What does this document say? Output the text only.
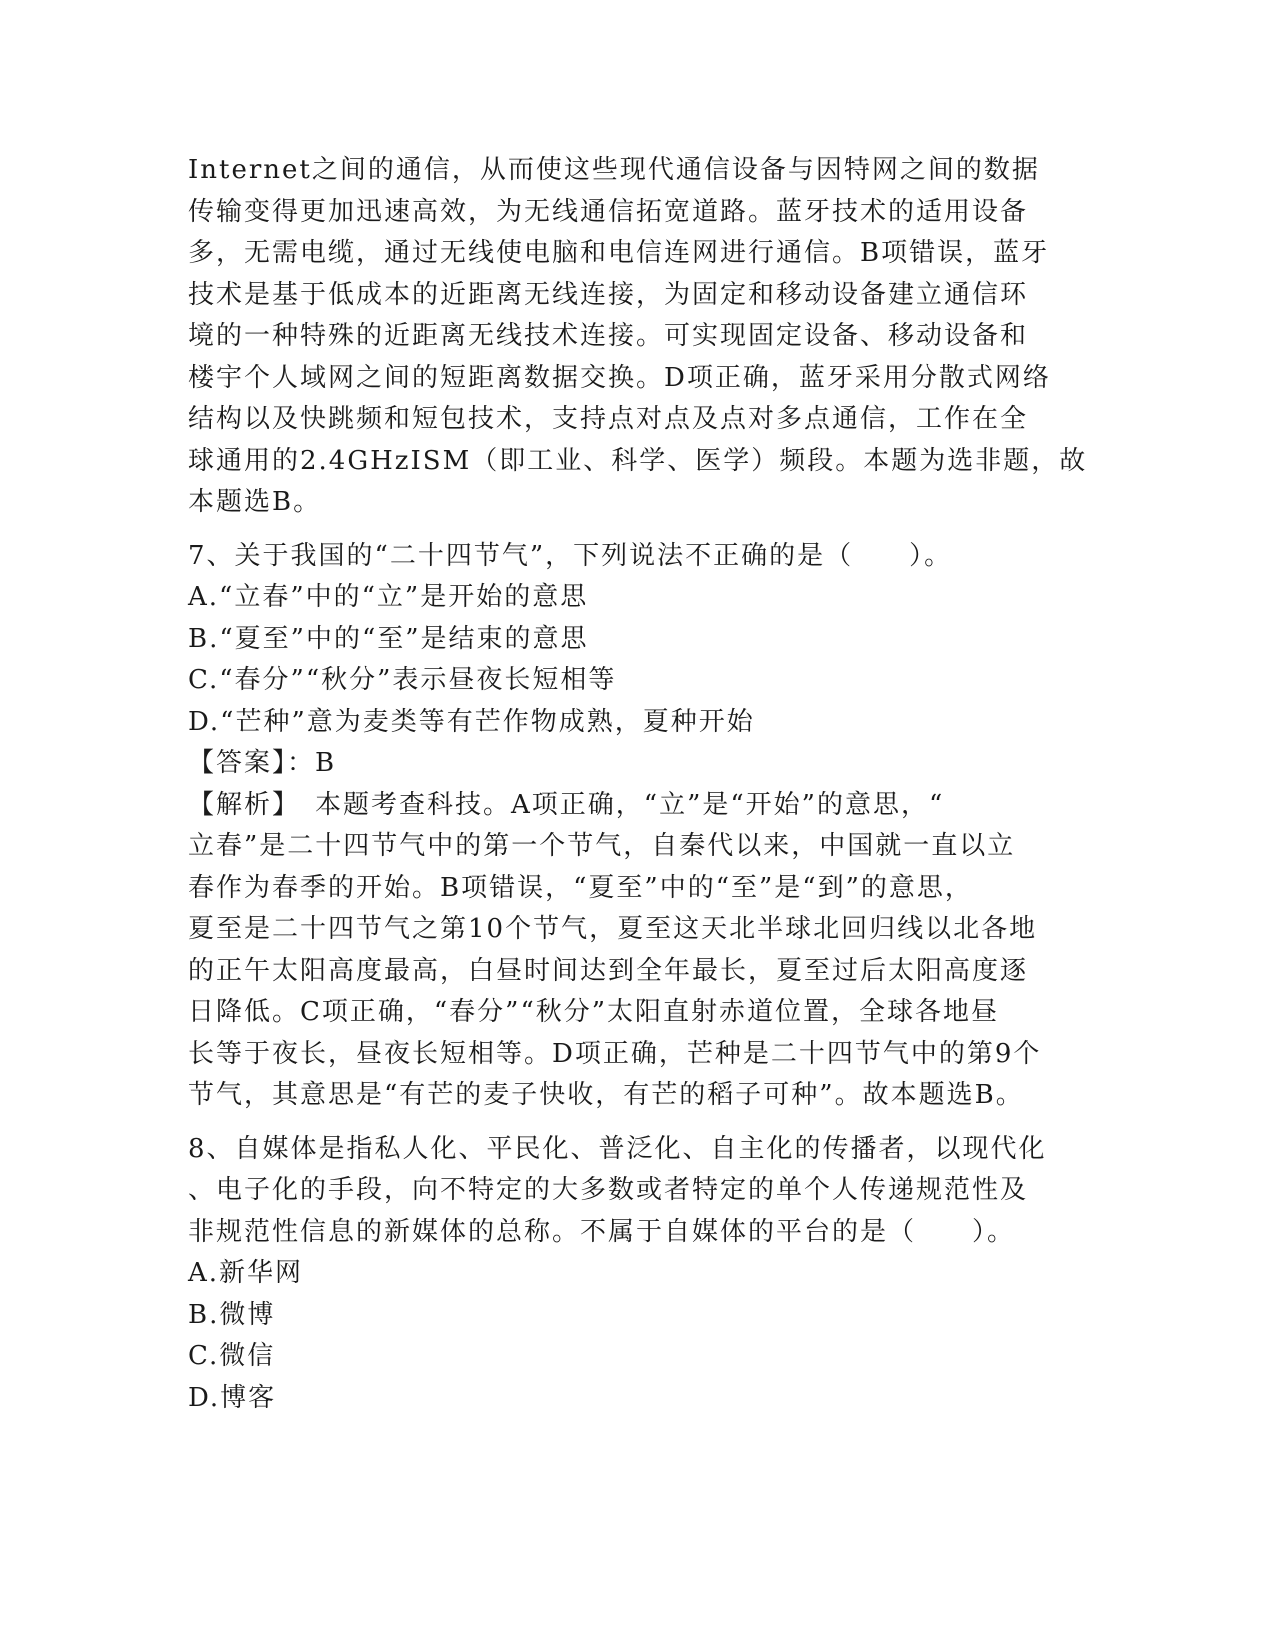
Internet之间的通信，从而使这些现代通信设备与因特网之间的数据

传输变得更加迅速高效，为无线通信拓宽道路。蓝牙技术的适用设备

多，无需电缆，通过无线使电脑和电信连网进行通信。B项错误，蓝牙

技术是基于低成本的近距离无线连接，为固定和移动设备建立通信环

境的一种特殊的近距离无线技术连接。可实现固定设备、移动设备和

楼宇个人域网之间的短距离数据交换。D项正确，蓝牙采用分散式网络

结构以及快跳频和短包技术，支持点对点及点对多点通信，工作在全

球通用的2.4GHzISM（即工业、科学、医学）频段。本题为选非题，故

本题选B。

7、关于我国的“二十四节气”，下列说法不正确的是（　　）。

A.“立春”中的“立”是开始的意思

B.“夏至”中的“至”是结束的意思

C.“春分”“秋分”表示昼夜长短相等

D.“芒种”意为麦类等有芒作物成熟，夏种开始

【答案】：B

【解析】　本题考查科技。A项正确，“立”是“开始”的意思，“

立春”是二十四节气中的第一个节气，自秦代以来，中国就一直以立

春作为春季的开始。B项错误，“夏至”中的“至”是“到”的意思，

夏至是二十四节气之第10个节气，夏至这天北半球北回归线以北各地

的正午太阳高度最高，白昼时间达到全年最长，夏至过后太阳高度逐

日降低。C项正确，“春分”“秋分”太阳直射赤道位置，全球各地昼

长等于夜长，昼夜长短相等。D项正确，芒种是二十四节气中的第9个

节气，其意思是“有芒的麦子快收，有芒的稻子可种”。故本题选B。

8、自媒体是指私人化、平民化、普泛化、自主化的传播者，以现代化

、电子化的手段，向不特定的大多数或者特定的单个人传递规范性及

非规范性信息的新媒体的总称。不属于自媒体的平台的是（　　）。

A.新华网

B.微博

C.微信

D.博客
